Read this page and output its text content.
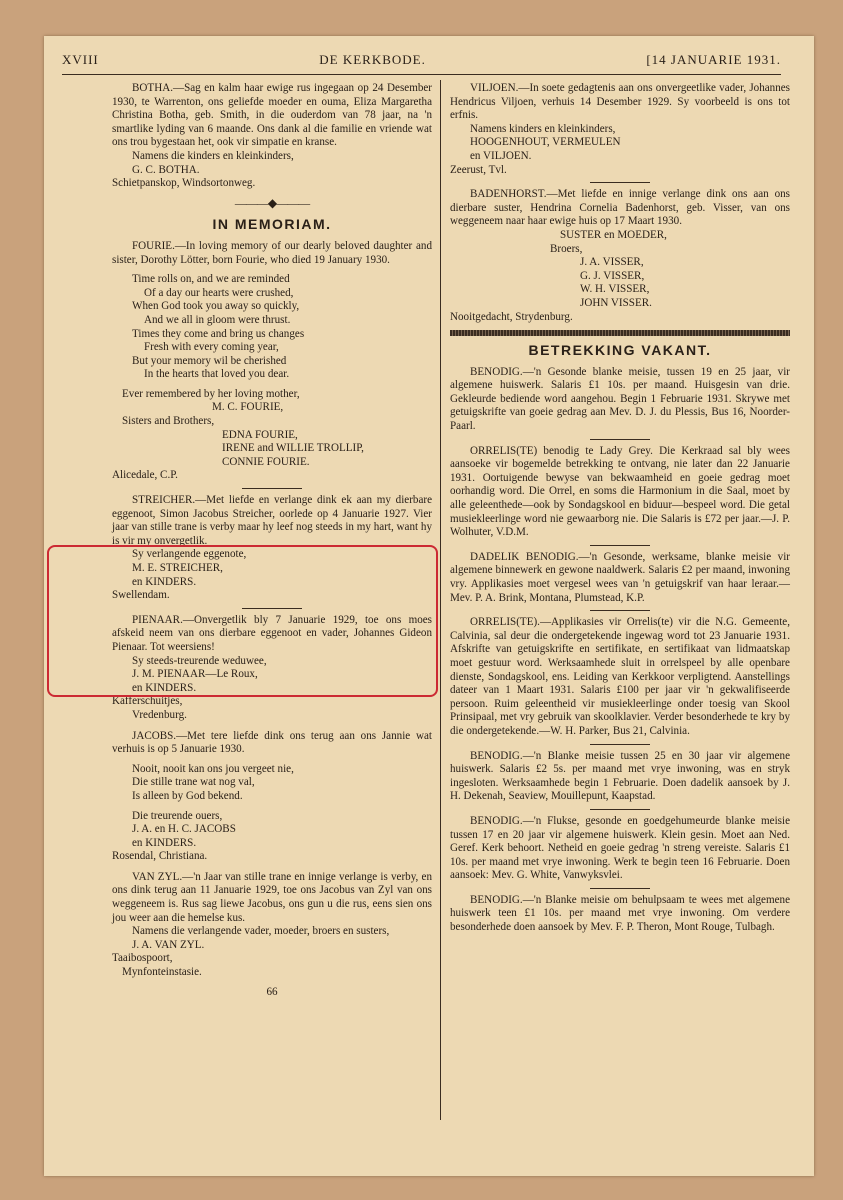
XVIII	DE KERKBODE.	[14 JANUARIE 1931.

BOTHA.—Sag en kalm haar ewige rus ingegaan op 24 Desember 1930, te Warrenton, ons geliefde moeder en ouma, Eliza Margaretha Christina Botha, geb. Smith, in die ouderdom van 78 jaar, na 'n smartlike lyding van 6 maande. Ons dank al die familie en vriende wat ons trou bygestaan het, ook vir simpatie en kranse.

Namens die kinders en kleinkinders,

G. C. BOTHA.

Schietpanskop, Windsortonweg.

———◆———
IN MEMORIAM.

FOURIE.—In loving memory of our dearly beloved daughter and sister, Dorothy Lötter, born Fourie, who died 19 January 1930.

Time rolls on, and we are reminded
Of a day our hearts were crushed,
When God took you away so quickly,
And we all in gloom were thrust.
Times they come and bring us changes
Fresh with every coming year,
But your memory wil be cherished
In the hearts that loved you dear.

Ever remembered by her loving mother,

M. C. FOURIE,

Sisters and Brothers,

EDNA FOURIE,

IRENE and WILLIE TROLLIP,

CONNIE FOURIE.

Alicedale, C.P.

STREICHER.—Met liefde en verlange dink ek aan my dierbare eggenoot, Simon Jacobus Streicher, oorlede op 4 Januarie 1927. Vier jaar van stille trane is verby maar hy leef nog steeds in my hart, want hy is vir my onvergetlik.

Sy verlangende eggenote,

M. E. STREICHER,

en KINDERS.

Swellendam.

PIENAAR.—Onvergetlik bly 7 Januarie 1929, toe ons moes afskeid neem van ons dierbare eggenoot en vader, Johannes Gideon Pienaar. Tot weersiens!

Sy steeds-treurende weduwee,

J. M. PIENAAR—Le Roux,

en KINDERS.

Kafferschuitjes,

Vredenburg.

JACOBS.—Met tere liefde dink ons terug aan ons Jannie wat verhuis is op 5 Januarie 1930.

Nooit, nooit kan ons jou vergeet nie,
Die stille trane wat nog val,
Is alleen by God bekend.

Die treurende ouers,

J. A. en H. C. JACOBS

en KINDERS.

Rosendal, Christiana.

VAN ZYL.—'n Jaar van stille trane en innige verlange is verby, en ons dink terug aan 11 Januarie 1929, toe ons Jacobus van Zyl van ons weggeneem is. Rus sag liewe Jacobus, ons gun u die rus, eens sien ons jou weer aan die hemelse kus.

Namens die verlangende vader, moeder, broers en susters,

J. A. VAN ZYL.

Taaibospoort,

Mynfonteinstasie.

66

VILJOEN.—In soete gedagtenis aan ons onvergeetlike vader, Johannes Hendricus Viljoen, verhuis 14 Desember 1929. Sy voorbeeld is ons tot erfnis.

Namens kinders en kleinkinders,

HOOGENHOUT, VERMEULEN

en VILJOEN.

Zeerust, Tvl.

BADENHORST.—Met liefde en innige verlange dink ons aan ons dierbare suster, Hendrina Cornelia Badenhorst, geb. Visser, van ons weggeneem naar haar ewige huis op 17 Maart 1930.

SUSTER en MOEDER,

Broers,

J. A. VISSER,

G. J. VISSER,

W. H. VISSER,

JOHN VISSER.

Nooitgedacht, Strydenburg.

BETREKKING VAKANT.

BENODIG.—'n Gesonde blanke meisie, tussen 19 en 25 jaar, vir algemene huiswerk. Salaris £1 10s. per maand. Huisgesin van drie. Gekleurde bediende word aangehou. Begin 1 Februarie 1931. Skrywe met getuigskrifte van goeie gedrag aan Mev. D. J. du Plessis, Bus 16, Noorder-Paarl.

ORRELIS(TE) benodig te Lady Grey. Die Kerkraad sal bly wees aansoeke vir bogemelde betrekking te ontvang, nie later dan 22 Januarie 1931. Oortuigende bewyse van bekwaamheid en goeie gedrag moet oorhandig word. Die Orrel, en soms die Harmonium in die Saal, moet by alle geleenthede—ook by Sondagskool en biduur—bespeel word. Die getal musiekleerlinge word nie gewaarborg nie. Die Salaris is £72 per jaar.—J. P. Wolhuter, V.D.M.

DADELIK BENODIG.—'n Gesonde, werksame, blanke meisie vir algemene binnewerk en gewone naaldwerk. Salaris £2 per maand, inwoning vry. Applikasies moet vergesel wees van 'n getuigskrif van haar leraar.—Mev. P. A. Brink, Montana, Plumstead, K.P.

ORRELIS(TE).—Applikasies vir Orrelis(te) vir die N.G. Gemeente, Calvinia, sal deur die ondergetekende ingewag word tot 23 Januarie 1931. Afskrifte van getuigskrifte en sertifikate, en sertifikaat van lidmaatskap moet gestuur word. Werksaamhede sluit in orrelspeel by alle openbare dienste, Sondagskool, ens. Leiding van Kerkkoor verpligtend. Aanstellings dateer van 1 Maart 1931. Salaris £100 per jaar vir 'n gekwalifiseerde persoon. Ruim geleentheid vir musiekleerlinge onder toesig van Skool Prinsipaal, met vry gebruik van skoolklavier. Verder besonderhede te kry by die ondergetekende.—W. H. Parker, Bus 21, Calvinia.

BENODIG.—'n Blanke meisie tussen 25 en 30 jaar vir algemene huiswerk. Salaris £2 5s. per maand met vrye inwoning, was en stryk ingesloten. Werksaamhede begin 1 Februarie. Doen dadelik aansoek by J. H. Dekenah, Seaview, Mouillepunt, Kaapstad.

BENODIG.—'n Flukse, gesonde en goedgehumeurde blanke meisie tussen 17 en 20 jaar vir algemene huiswerk. Klein gesin. Moet aan Ned. Geref. Kerk behoort. Netheid en goeie gedrag 'n streng vereiste. Salaris £1 10s. per maand met vrye inwoning. Werk te begin teen 16 Februarie. Doen aansoek: Mev. G. White, Vanwyksvlei.

BENODIG.—'n Blanke meisie om behulpsaam te wees met algemene huiswerk teen £1 10s. per maand met vrye inwoning. Om verdere besonderhede doen aansoek by Mev. F. P. Theron, Mont Rouge, Tulbagh.
